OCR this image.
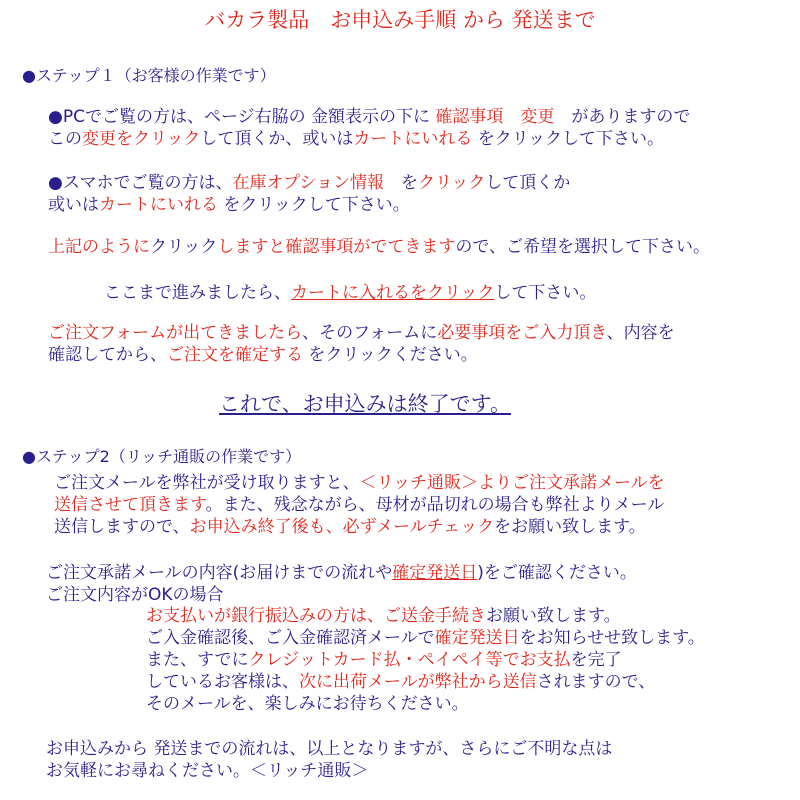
バカラ製品　お申込み手順 から 発送まで

●ステップ１（お客様の作業です）

●PCでご覧の方は、ページ右脇の 金額表示の下に 確認事項　変更　がありますので

この変更をクリックして頂くか、或いはカートにいれる をクリックして下さい。

●スマホでご覧の方は、在庫オプション情報　をクリックして頂くか

或いはカートにいれる をクリックして下さい。

上記のようにクリックしますと確認事項がでてきますので、ご希望を選択して下さい。

ここまで進みましたら、カートに入れるをクリックして下さい。

ご注文フォームが出てきましたら、そのフォームに必要事項をご入力頂き、内容を

確認してから、ご注文を確定する をクリックください。

これで、お申込みは終了です。

●ステップ2（リッチ通販の作業です）

ご注文メールを弊社が受け取りますと、＜リッチ通販＞よりご注文承諾メールを

送信させて頂きます。また、残念ながら、母材が品切れの場合も弊社よりメール

送信しますので、お申込み終了後も、必ずメールチェックをお願い致します。

ご注文承諾メールの内容(お届けまでの流れや確定発送日)をご確認ください。

ご注文内容がOKの場合

お支払いが銀行振込みの方は、ご送金手続きお願い致します。

ご入金確認後、ご入金確認済メールで確定発送日をお知らせせ致します。

また、すでにクレジットカード払・ペイペイ等でお支払を完了

しているお客様は、次に出荷メールが弊社から送信されますので、

そのメールを、楽しみにお待ちください。

お申込みから 発送までの流れは、以上となりますが、さらにご不明な点は

お気軽にお尋ねください。＜リッチ通販＞
